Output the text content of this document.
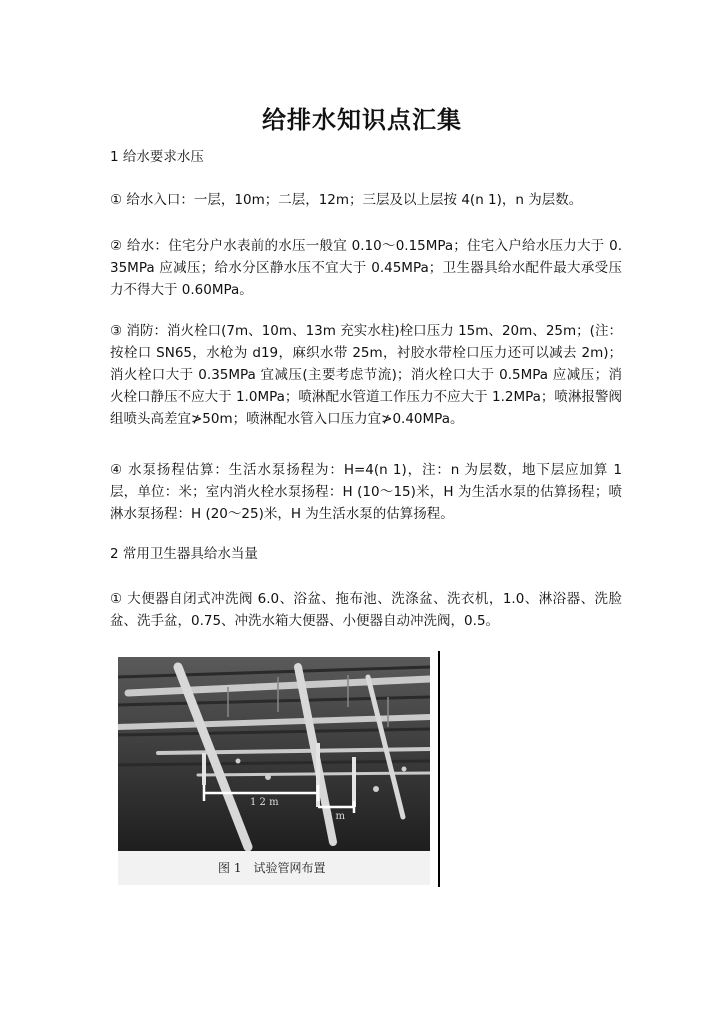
给排水知识点汇集

1 给水要求水压

① 给水入口：一层，10m；二层，12m；三层及以上层按 4(n 1)，n 为层数。

② 给水：住宅分户水表前的水压一般宜 0.10～0.15MPa；住宅入户给水压力大于 0.35MPa 应减压；给水分区静水压不宜大于 0.45MPa；卫生器具给水配件最大承受压力不得大于 0.60MPa。

③ 消防：消火栓口(7m、10m、13m 充实水柱)栓口压力 15m、20m、25m；(注：按栓口 SN65，水枪为 d19，麻织水带 25m，衬胶水带栓口压力还可以减去 2m)；消火栓口大于 0.35MPa 宜减压(主要考虑节流)；消火栓口大于 0.5MPa 应减压；消火栓口静压不应大于 1.0MPa；喷淋配水管道工作压力不应大于 1.2MPa；喷淋报警阀组喷头高差宜≯50m；喷淋配水管入口压力宜≯0.40MPa。

④ 水泵扬程估算：生活水泵扬程为：H=4(n 1)，注：n 为层数，地下层应加算 1 层，单位：米；室内消火栓水泵扬程：H (10～15)米，H 为生活水泵的估算扬程；喷淋水泵扬程：H (20～25)米，H 为生活水泵的估算扬程。

2 常用卫生器具给水当量

① 大便器自闭式冲洗阀 6.0、浴盆、拖布池、洗涤盆、洗衣机，1.0、淋浴器、洗脸盆、洗手盆，0.75、冲洗水箱大便器、小便器自动冲洗阀，0.5。

1 2 m
3 m
图 1　试验管网布置
